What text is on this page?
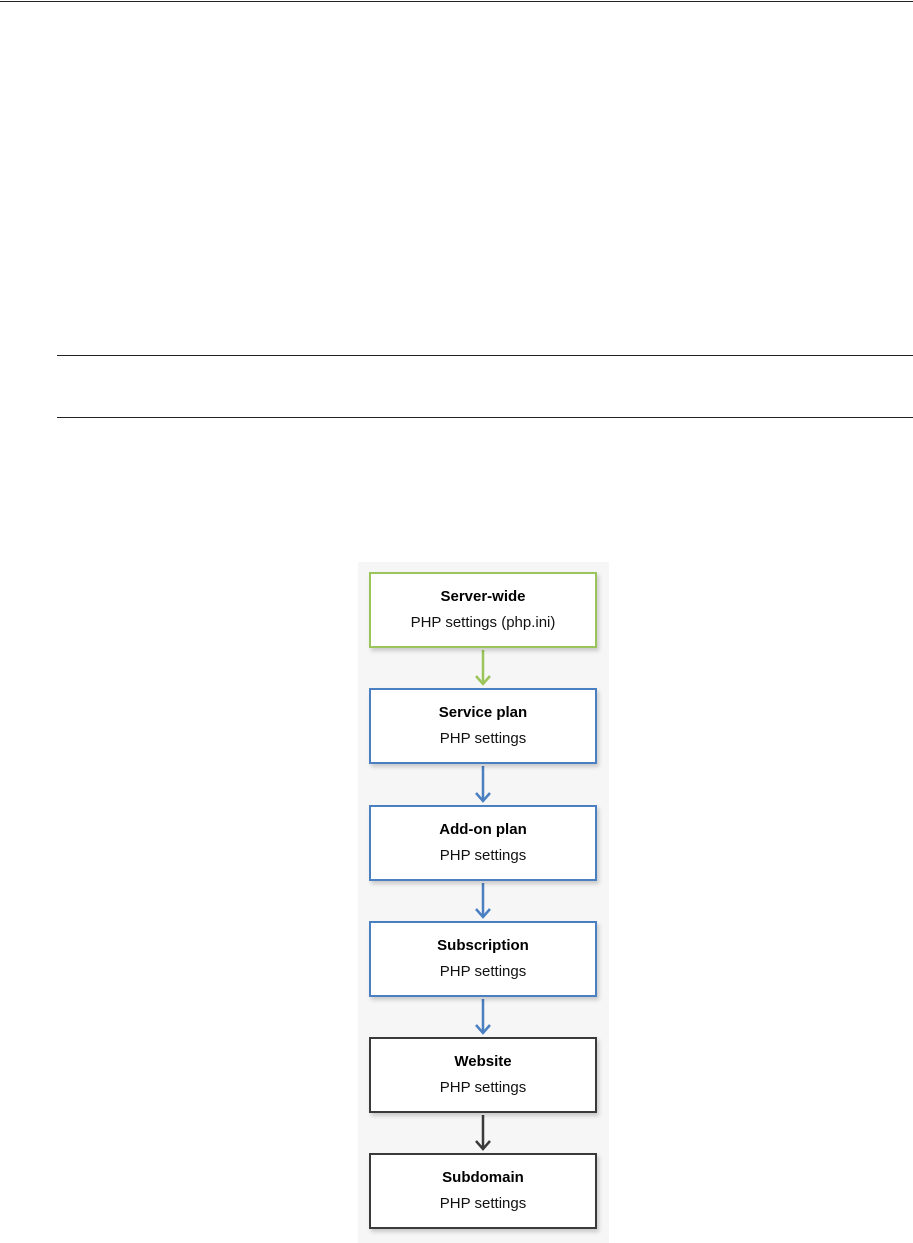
Server-wide
PHP settings (php.ini)
Service plan
PHP settings
Add-on plan
PHP settings
Subscription
PHP settings
Website
PHP settings
Subdomain
PHP settings
